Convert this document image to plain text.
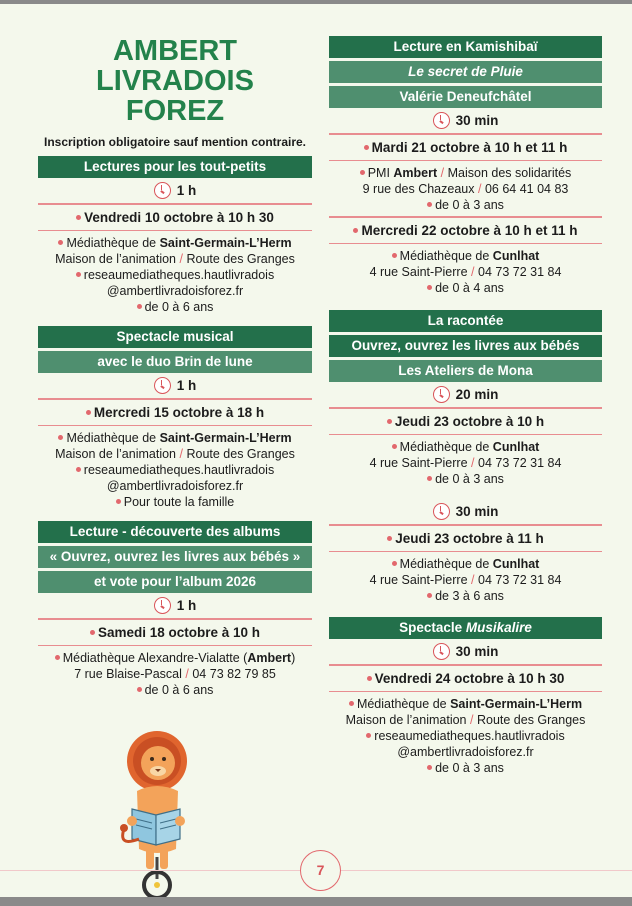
AMBERT
LIVRADOIS
FOREZ
Inscription obligatoire sauf mention contraire.
Lectures pour les tout-petits
1 h
Vendredi 10 octobre à 10 h 30
Médiathèque de Saint-Germain-L’Herm
Maison de l’animation / Route des Granges
reseaumediatheques.hautlivradois
@ambertlivradoisforez.fr
de 0 à 6 ans
Spectacle musical
avec le duo Brin de lune
1 h
Mercredi 15 octobre à 18 h
Médiathèque de Saint-Germain-L’Herm
Maison de l’animation / Route des Granges
reseaumediatheques.hautlivradois
@ambertlivradoisforez.fr
Pour toute la famille
Lecture - découverte des albums
« Ouvrez, ouvrez les livres aux bébés »
et vote pour l’album 2026
1 h
Samedi 18 octobre à 10 h
Médiathèque Alexandre-Vialatte (Ambert)
7 rue Blaise-Pascal / 04 73 82 79 85
de 0 à 6 ans
Lecture en Kamishibaï
Le secret de Pluie
Valérie Deneufchâtel
30 min
Mardi 21 octobre à 10 h et 11 h
PMI Ambert / Maison des solidarités
9 rue des Chazeaux / 06 64 41 04 83
de 0 à 3 ans
Mercredi 22 octobre à 10 h et 11 h
Médiathèque de Cunlhat
4 rue Saint-Pierre / 04 73 72 31 84
de 0 à 4 ans
La racontée
Ouvrez, ouvrez les livres aux bébés
Les Ateliers de Mona
20 min
Jeudi 23 octobre à 10 h
Médiathèque de Cunlhat
4 rue Saint-Pierre / 04 73 72 31 84
de 0 à 3 ans
30 min
Jeudi 23 octobre à 11 h
Médiathèque de Cunlhat
4 rue Saint-Pierre / 04 73 72 31 84
de 3 à 6 ans
Spectacle Musikalire
30 min
Vendredi 24 octobre à 10 h 30
Médiathèque de Saint-Germain-L’Herm
Maison de l’animation / Route des Granges
reseaumediatheques.hautlivradois
@ambertlivradoisforez.fr
de 0 à 3 ans
7
